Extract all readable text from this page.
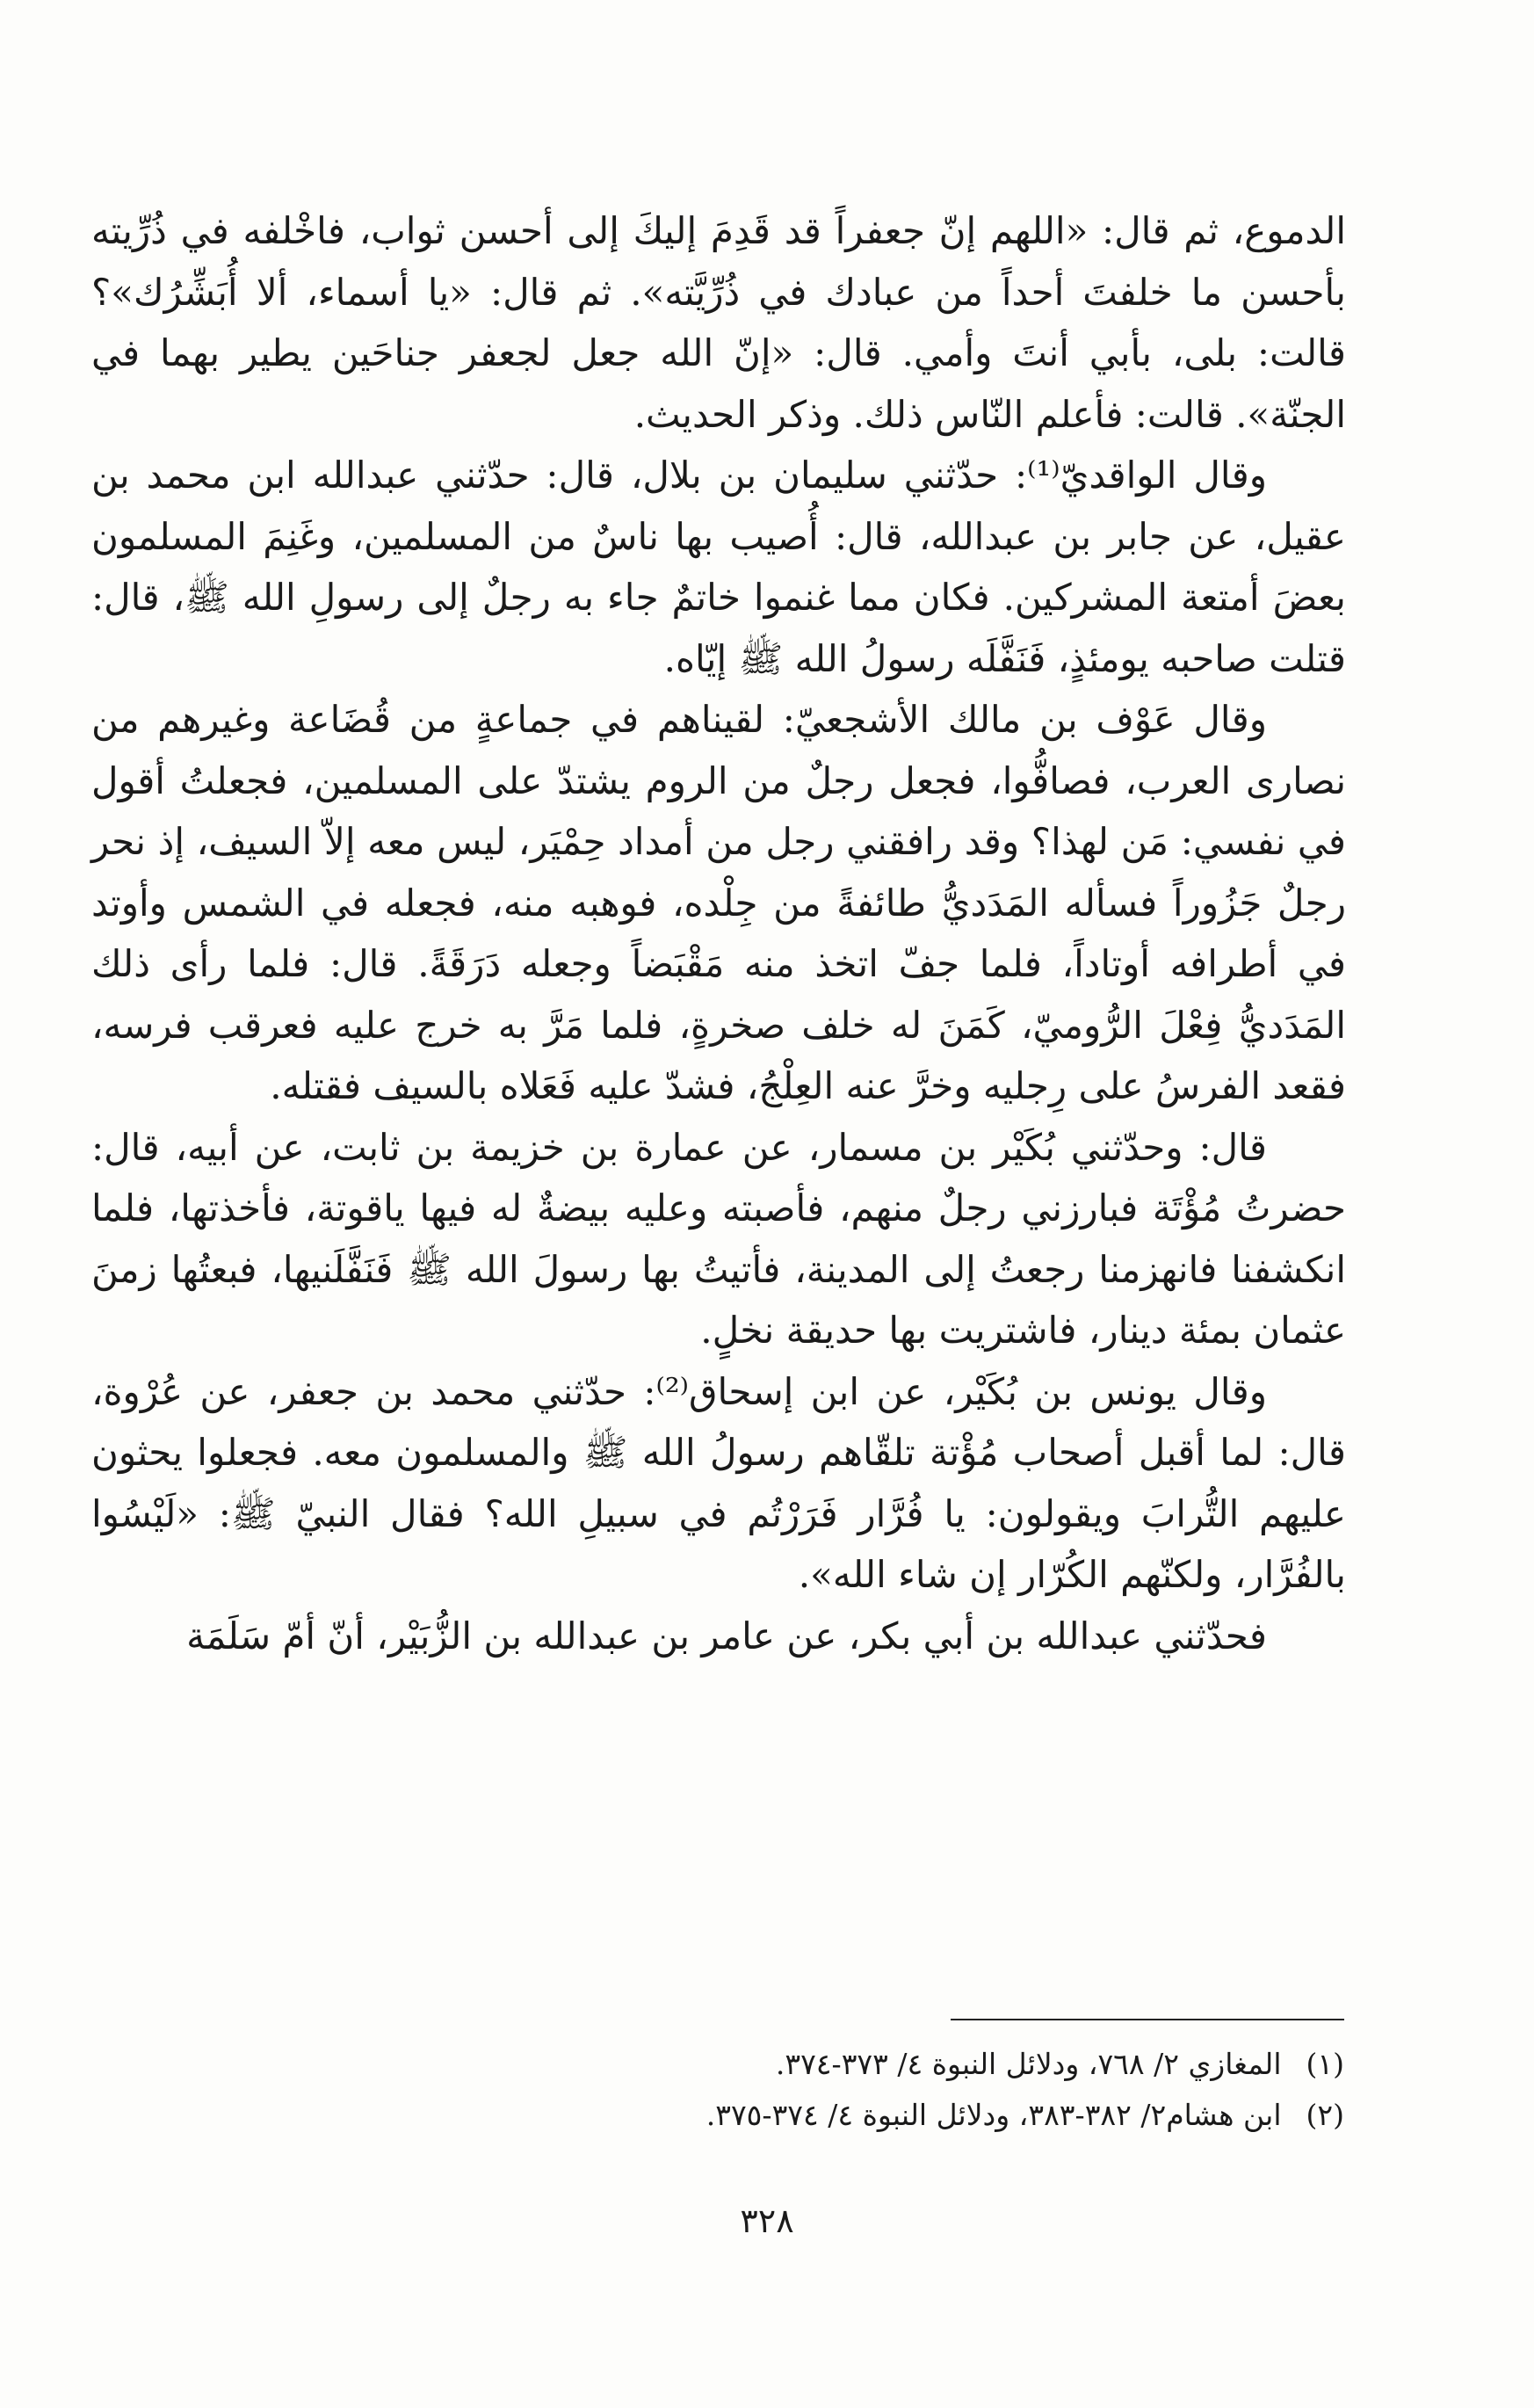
الدموع، ثم قال: «اللهم إنّ جعفراً قد قَدِمَ إليكَ إلى أحسن ثواب، فاخْلفه في ذُرِّيته بأحسن ما خلفتَ أحداً من عبادك في ذُرِّيَّته». ثم قال: «يا أسماء، ألا أُبَشِّرُك»؟ قالت: بلى، بأبي أنتَ وأمي. قال: «إنّ الله جعل لجعفر جناحَين يطير بهما في الجنّة». قالت: فأعلم النّاس ذلك. وذكر الحديث.

وقال الواقديّ⁽¹⁾: حدّثني سليمان بن بلال، قال: حدّثني عبدالله ابن محمد بن عقيل، عن جابر بن عبدالله، قال: أُصيب بها ناسٌ من المسلمين، وغَنِمَ المسلمون بعضَ أمتعة المشركين. فكان مما غنموا خاتمٌ جاء به رجلٌ إلى رسولِ الله ﷺ، قال: قتلت صاحبه يومئذٍ، فَنَفَّلَه رسولُ الله ﷺ إيّاه.

وقال عَوْف بن مالك الأشجعيّ: لقيناهم في جماعةٍ من قُضَاعة وغيرهم من نصارى العرب، فصافُّوا، فجعل رجلٌ من الروم يشتدّ على المسلمين، فجعلتُ أقول في نفسي: مَن لهذا؟ وقد رافقني رجل من أمداد حِمْيَر، ليس معه إلاّ السيف، إذ نحر رجلٌ جَزُوراً فسأله المَدَديُّ طائفةً من جِلْده، فوهبه منه، فجعله في الشمس وأوتد في أطرافه أوتاداً، فلما جفّ اتخذ منه مَقْبَضاً وجعله دَرَقَةً. قال: فلما رأى ذلك المَدَديُّ فِعْلَ الرُّوميّ، كَمَنَ له خلف صخرةٍ، فلما مَرَّ به خرج عليه فعرقب فرسه، فقعد الفرسُ على رِجليه وخرَّ عنه العِلْجُ، فشدّ عليه فَعَلاه بالسيف فقتله.

قال: وحدّثني بُكَيْر بن مسمار، عن عمارة بن خزيمة بن ثابت، عن أبيه، قال: حضرتُ مُؤْتَة فبارزني رجلٌ منهم، فأصبته وعليه بيضةٌ له فيها ياقوتة، فأخذتها، فلما انكشفنا فانهزمنا رجعتُ إلى المدينة، فأتيتُ بها رسولَ الله ﷺ فَنَفَّلَنيها، فبعتُها زمنَ عثمان بمئة دينار، فاشتريت بها حديقة نخلٍ.

وقال يونس بن بُكَيْر، عن ابن إسحاق⁽²⁾: حدّثني محمد بن جعفر، عن عُرْوة، قال: لما أقبل أصحاب مُؤْتة تلقّاهم رسولُ الله ﷺ والمسلمون معه. فجعلوا يحثون عليهم التُّرابَ ويقولون: يا فُرَّار فَرَرْتُم في سبيلِ الله؟ فقال النبيّ ﷺ: «لَيْسُوا بالفُرَّار، ولكنّهم الكُرّار إن شاء الله».

فحدّثني عبدالله بن أبي بكر، عن عامر بن عبدالله بن الزُّبَيْر، أنّ أمّ سَلَمَة

(١)المغازي ٢/ ٧٦٨، ودلائل النبوة ٤/ ٣٧٣-٣٧٤.

(٢)ابن هشام٢/ ٣٨٢-٣٨٣، ودلائل النبوة ٤/ ٣٧٤-٣٧٥.

٣٢٨
